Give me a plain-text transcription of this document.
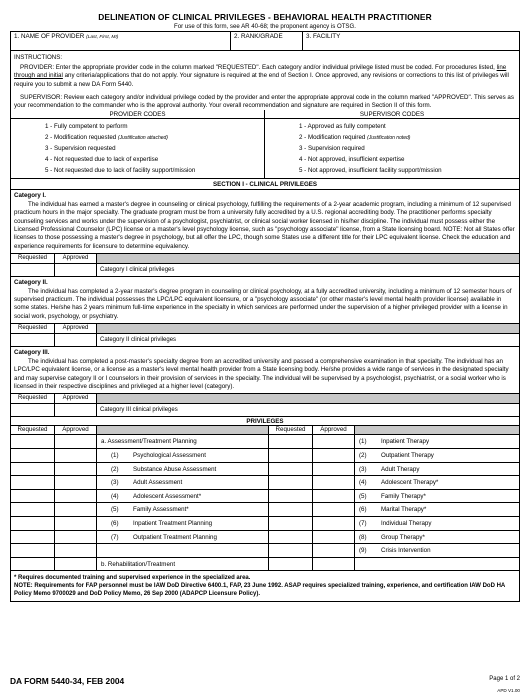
DELINEATION OF CLINICAL PRIVILEGES - BEHAVIORAL HEALTH PRACTITIONER
For use of this form, see AR 40-68; the proponent agency is OTSG.
1. NAME OF PROVIDER (Last, First, MI)	2. RANK/GRADE	3. FACILITY

INSTRUCTIONS:

PROVIDER: Enter the appropriate provider code in the column marked "REQUESTED". Each category and/or individual privilege listed must be coded. For procedures listed, line through and initial any criteria/applications that do not apply. Your signature is required at the end of Section I. Once approved, any revisions or corrections to this list of privileges will require you to submit a new DA Form 5440.

SUPERVISOR: Review each category and/or individual privilege coded by the provider and enter the appropriate approval code in the column marked "APPROVED". This serves as your recommendation to the commander who is the approval authority. Your overall recommendation and signature are required in Section II of this form.

PROVIDER CODES
1 - Fully competent to perform
2 - Modification requested (Justification attached)
3 - Supervision requested
4 - Not requested due to lack of expertise
5 - Not requested due to lack of facility support/mission
SUPERVISOR CODES
1 - Approved as fully competent
2 - Modification required (Justification noted)
3 - Supervision required
4 - Not approved, insufficient expertise
5 - Not approved, insufficient facility support/mission
SECTION I - CLINICAL PRIVILEGES
Category I.
The individual has earned a master's degree in counseling or clinical psychology, fulfilling the requirements of a 2-year academic program, including a minimum of 12 supervised practicum hours in the major specialty. The graduate program must be from a university fully accredited by a U.S. regional accrediting body. The practitioner performs specialty counseling services and works under the supervision of a psychologist, psychiatrist, or clinical social worker licensed in his/her discipline. The individual must possess either the Licensed Professional Counselor (LPC) license or a master's level psychology license, such as "psychology associate" license, from a State licensing board. NOTE: Not all States offer licenses to those possessing a master's degree in psychology, but all offer the LPC, though some States use a different title for their LPC equivalent license. Check the education and experience requirements for licensure to determine equivalency.
Requested	Approved
Category I clinical privileges
Category II.
The individual has completed a 2-year master's degree program in counseling or clinical psychology, at a fully accredited university, including a minimum of 12 semester hours of supervised practicum. The individual possesses the LPC/LPC equivalent licensure, or a "psychology associate" (or other master's level mental health provider license) available in some states. He/she has 2 years minimum full-time experience in the specialty in which services are performed under the supervision of a higher privileged provider with a license in social work, psychology, or psychiatry.
Requested	Approved
Category II clinical privileges
Category III.
The individual has completed a post-master's specialty degree from an accredited university and passed a comprehensive examination in that specialty. The individual has an LPC/LPC equivalent license, or a license as a master's level mental health provider from a State licensing body. He/she provides a wide range of services in the designated specialty and may supervise category II or I counselors in their provision of services in the specialty. The individual will be supervised by a psychologist, psychiatrist, or a social worker who is licensed in their respective disciplines and privileged at a higher level (category).
Requested	Approved
Category III clinical privileges
PRIVILEGES
Requested	Approved	Requested	Approved
a. Assessment/Treatment Planning	(1) Inpatient Therapy
(1) Psychological Assessment	(2) Outpatient Therapy
(2) Substance Abuse Assessment	(3) Adult Therapy
(3) Adult Assessment	(4) Adolescent Therapy*
(4) Adolescent Assessment*	(5) Family Therapy*
(5) Family Assessment*	(6) Marital Therapy*
(6) Inpatient Treatment Planning	(7) Individual Therapy
(7) Outpatient Treatment Planning	(8) Group Therapy*
(9) Crisis Intervention
b. Rehabilitation/Treatment
* Requires documented training and supervised experience in the specialized area.
NOTE: Requirements for FAP personnel must be IAW DoD Directive 6400.1, FAP, 23 June 1992. ASAP requires specialized training, experience, and certification IAW DoD HA Policy Memo 9700029 and DoD Policy Memo, 26 Sep 2000 (ADAPCP Licensure Policy).
DA FORM 5440-34, FEB 2004	Page 1 of 2
APD V1.00
